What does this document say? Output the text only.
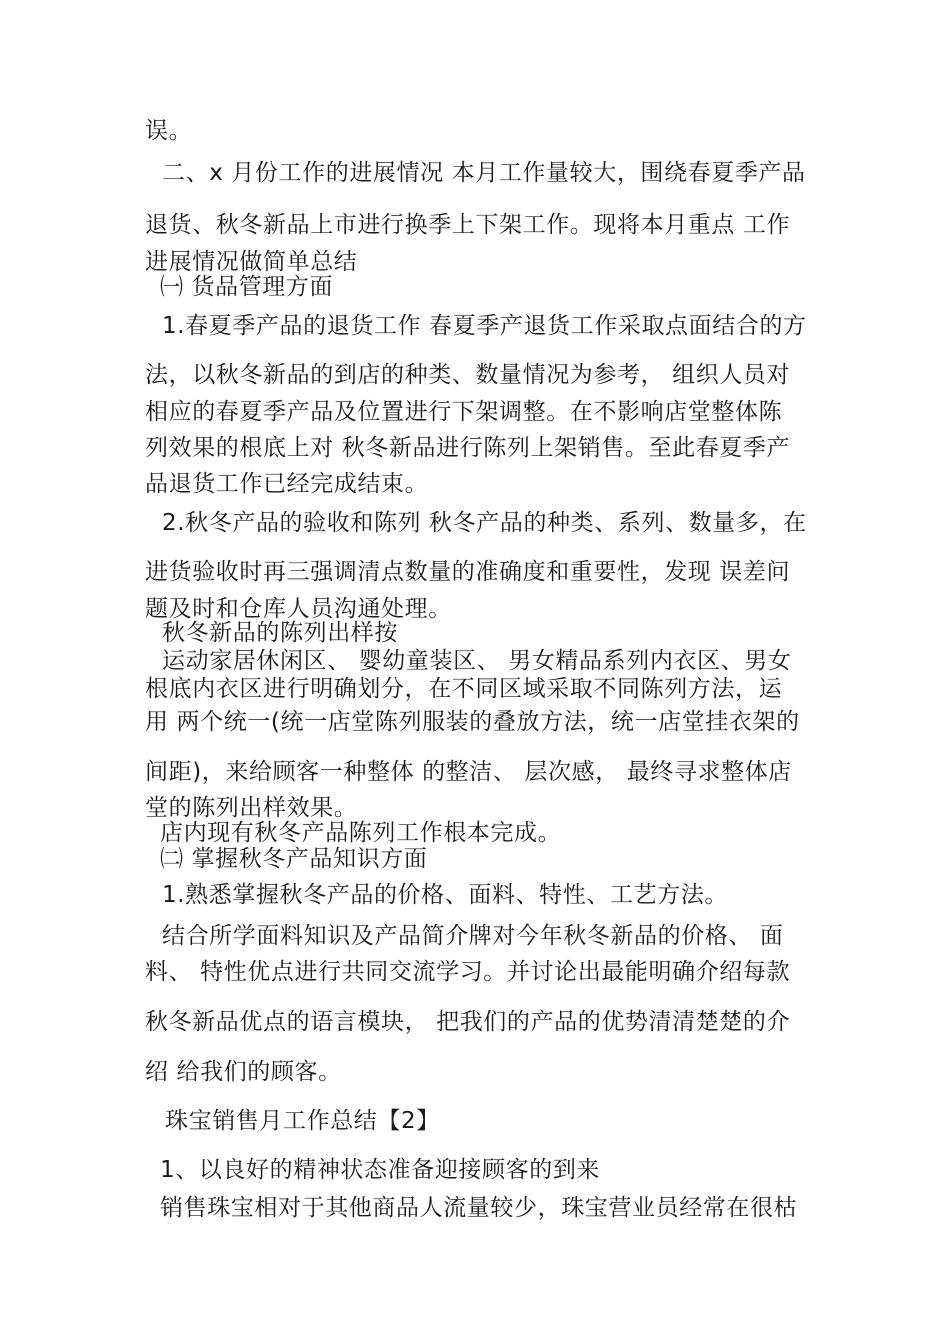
误。
二、x 月份工作的进展情况 本月工作量较大，围绕春夏季产品
退货、秋冬新品上市进行换季上下架工作。现将本月重点 工作
进展情况做简单总结
㈠ 货品管理方面
1.春夏季产品的退货工作 春夏季产退货工作采取点面结合的方
法，以秋冬新品的到店的种类、数量情况为参考， 组织人员对
相应的春夏季产品及位置进行下架调整。在不影响店堂整体陈
列效果的根底上对 秋冬新品进行陈列上架销售。至此春夏季产
品退货工作已经完成结束。
2.秋冬产品的验收和陈列 秋冬产品的种类、系列、数量多，在
进货验收时再三强调清点数量的准确度和重要性，发现 误差问
题及时和仓库人员沟通处理。
秋冬新品的陈列出样按
运动家居休闲区、 婴幼童装区、 男女精品系列内衣区、男女
根底内衣区进行明确划分，在不同区域采取不同陈列方法，运
用 两个统一(统一店堂陈列服装的叠放方法，统一店堂挂衣架的
间距)，来给顾客一种整体 的整洁、 层次感， 最终寻求整体店
堂的陈列出样效果。
店内现有秋冬产品陈列工作根本完成。
㈡ 掌握秋冬产品知识方面
1.熟悉掌握秋冬产品的价格、面料、特性、工艺方法。
结合所学面料知识及产品简介牌对今年秋冬新品的价格、 面
料、 特性优点进行共同交流学习。并讨论出最能明确介绍每款
秋冬新品优点的语言模块， 把我们的产品的优势清清楚楚的介
绍 给我们的顾客。
珠宝销售月工作总结【2】
1、以良好的精神状态准备迎接顾客的到来
销售珠宝相对于其他商品人流量较少，珠宝营业员经常在很枯
